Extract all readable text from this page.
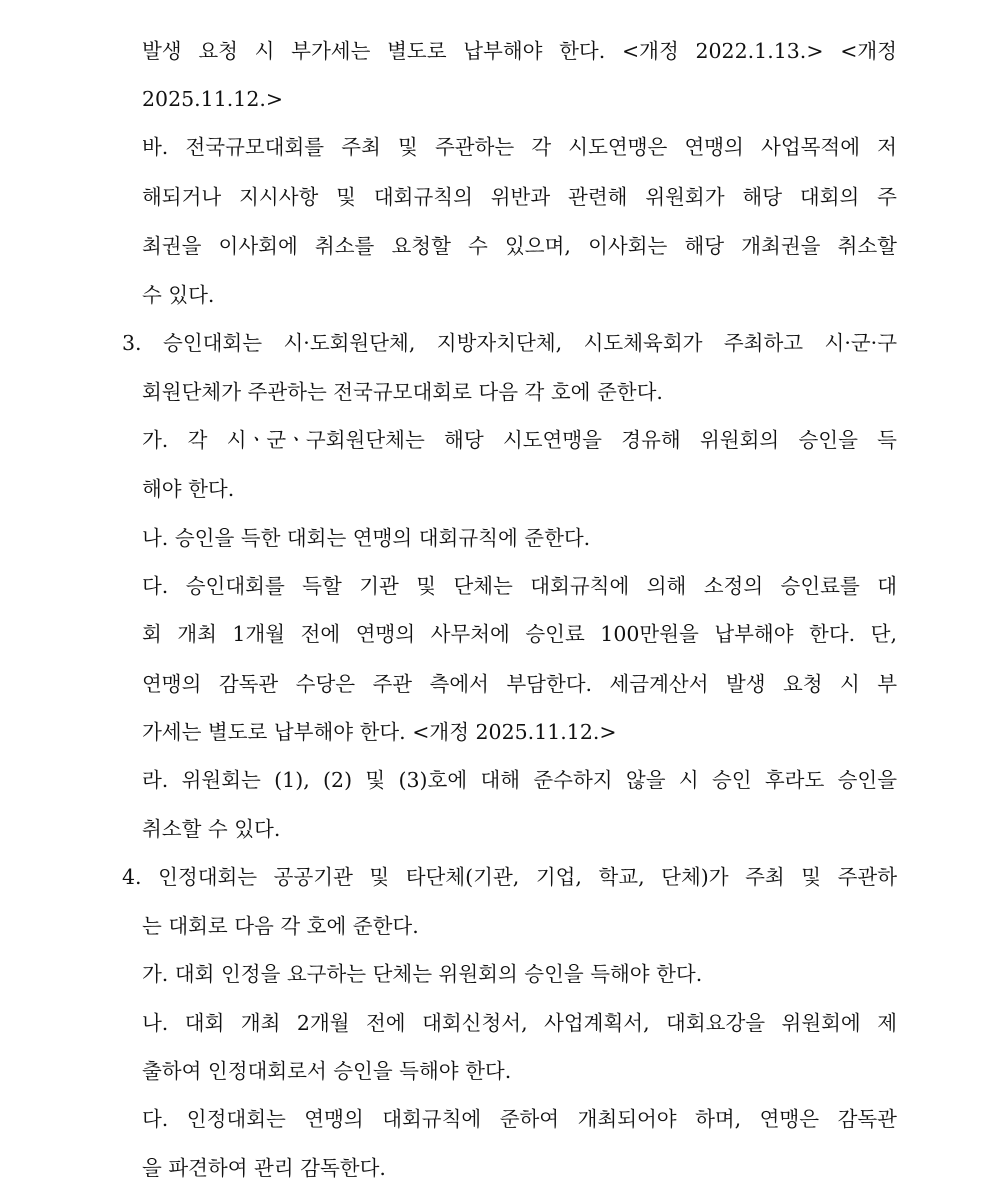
발생 요청 시 부가세는 별도로 납부해야 한다. <개정 2022.1.13.> <개정
2025.11.12.>
바. 전국규모대회를 주최 및 주관하는 각 시도연맹은 연맹의 사업목적에 저
해되거나 지시사항 및 대회규칙의 위반과 관련해 위원회가 해당 대회의 주
최권을 이사회에 취소를 요청할 수 있으며, 이사회는 해당 개최권을 취소할
수 있다.
3. 승인대회는 시·도회원단체, 지방자치단체, 시도체육회가 주최하고 시·군·구
회원단체가 주관하는 전국규모대회로 다음 각 호에 준한다.
가. 각 시ㆍ군ㆍ구회원단체는 해당 시도연맹을 경유해 위원회의 승인을 득
해야 한다.
나. 승인을 득한 대회는 연맹의 대회규칙에 준한다.
다. 승인대회를 득할 기관 및 단체는 대회규칙에 의해 소정의 승인료를 대
회 개최 1개월 전에 연맹의 사무처에 승인료 100만원을 납부해야 한다. 단,
연맹의 감독관 수당은 주관 측에서 부담한다. 세금계산서 발생 요청 시 부
가세는 별도로 납부해야 한다. <개정 2025.11.12.>
라. 위원회는 (1), (2) 및 (3)호에 대해 준수하지 않을 시 승인 후라도 승인을
취소할 수 있다.
4. 인정대회는 공공기관 및 타단체(기관, 기업, 학교, 단체)가 주최 및 주관하
는 대회로 다음 각 호에 준한다.
가. 대회 인정을 요구하는 단체는 위원회의 승인을 득해야 한다.
나. 대회 개최 2개월 전에 대회신청서, 사업계획서, 대회요강을 위원회에 제
출하여 인정대회로서 승인을 득해야 한다.
다. 인정대회는 연맹의 대회규칙에 준하여 개최되어야 하며, 연맹은 감독관
을 파견하여 관리 감독한다.
